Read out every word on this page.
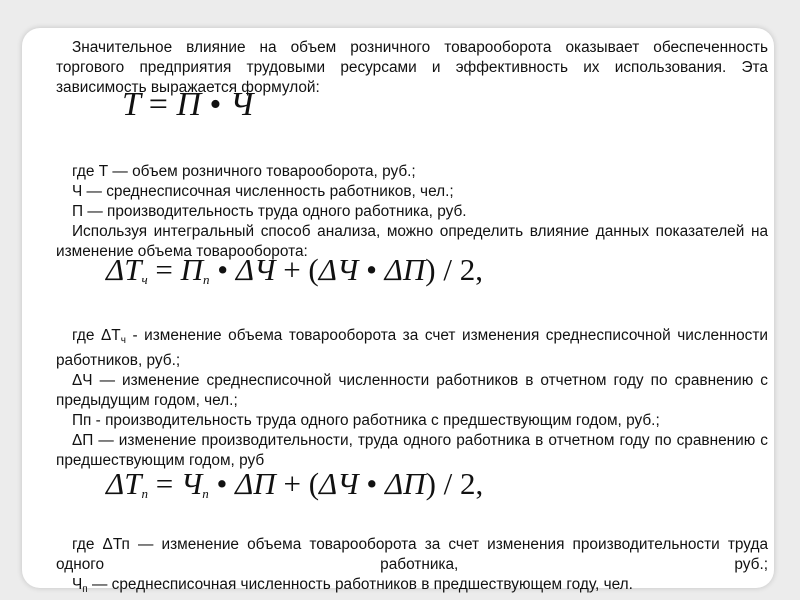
Значительное влияние на объем розничного товарооборота оказывает обеспеченность торгового предприятия трудовыми ресурсами и эффективность их использования. Эта зависимость выражается формулой:

где Т — объем розничного товарооборота, руб.;

Ч — среднесписочная численность работников, чел.;

П — производительность труда одного работника, руб.

Используя интегральный способ анализа, можно определить влияние данных показателей на изменение объема товарооборота:

где $\Delta Т_ч$ - изменение объема товарооборота за счет изменения среднесписочной численности работников, руб.;

ΔЧ — изменение среднесписочной численности работников в отчетном году по сравнению с предыдущим годом, чел.;

Пп - производительность труда одного работника с предшествующим годом, руб.;

ΔП — изменение производительности, труда одного работника в отчетном году по сравнению с предшествующим годом, руб

где ΔТп — изменение объема товарооборота за счет изменения производительности труда одного работника, руб.;

$Ч_п$ — среднесписочная численность работников в предшествующем году, чел.

T = П • Ч
$\Delta T_ч = П_п$ • ΔЧ + (ΔЧ • ΔП) / 2,
$\Delta T_п = Ч_п$ • ΔП + (ΔЧ • ΔП) / 2,
